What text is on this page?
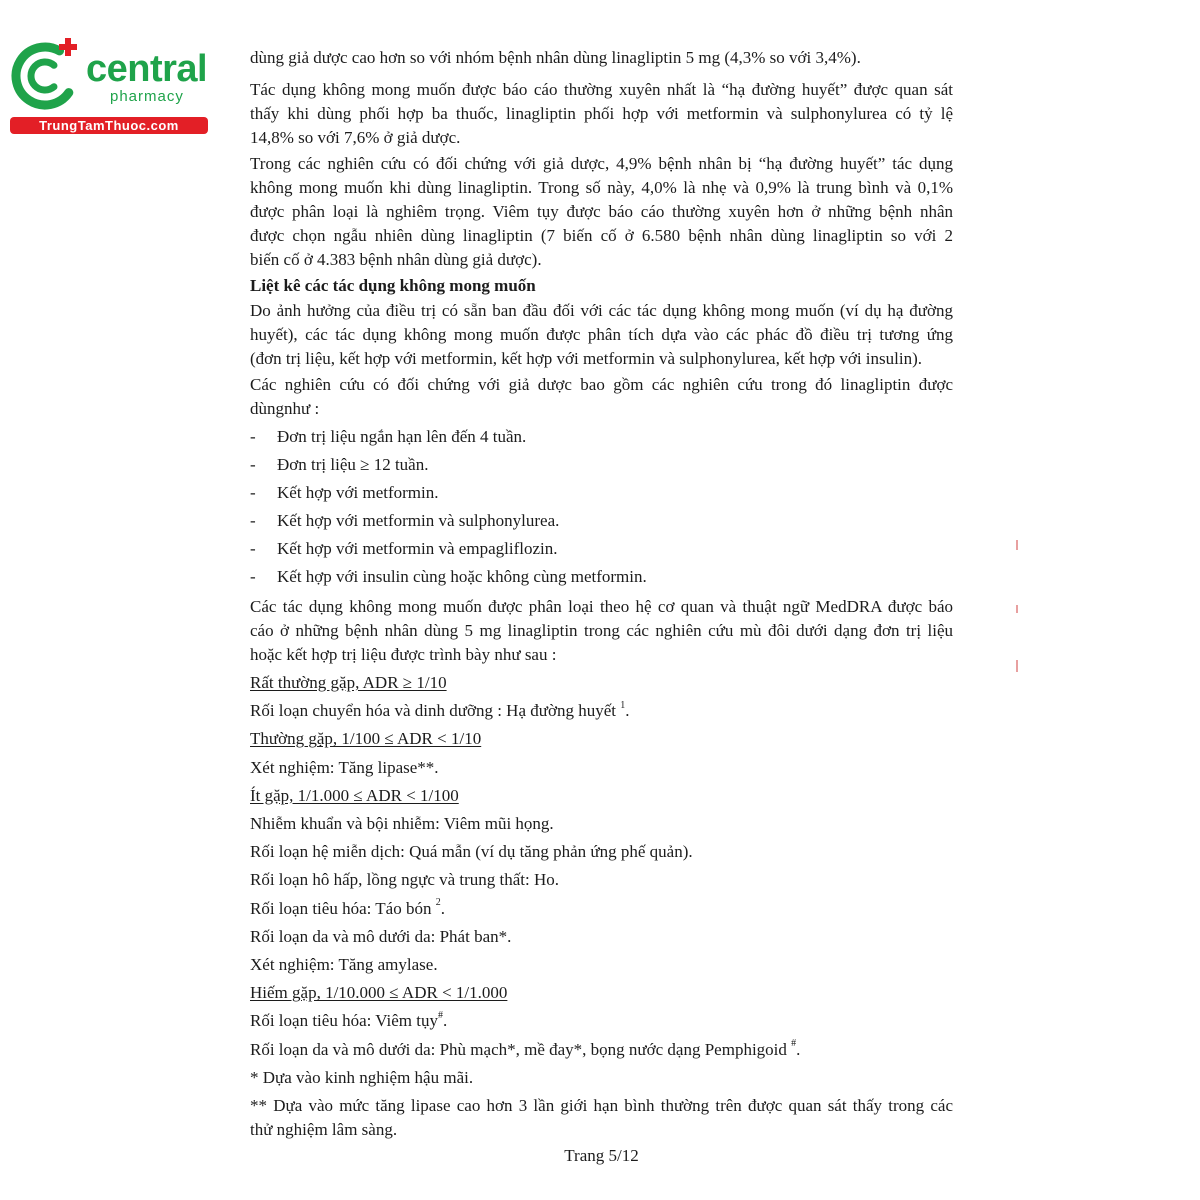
central
pharmacy
TrungTamThuoc.com
dùng giả dược cao hơn so với nhóm bệnh nhân dùng linagliptin 5 mg (4,3% so với 3,4%).
Tác dụng không mong muốn được báo cáo thường xuyên nhất là “hạ đường huyết” được quan sát
thấy khi dùng phối hợp ba thuốc, linagliptin phối hợp với metformin và sulphonylurea có tỷ lệ
14,8% so với 7,6% ở giả dược.
Trong các nghiên cứu có đối chứng với giả dược, 4,9% bệnh nhân bị “hạ đường huyết” tác dụng
không mong muốn khi dùng linagliptin. Trong số này, 4,0% là nhẹ và 0,9% là trung bình và 0,1%
được phân loại là nghiêm trọng. Viêm tụy được báo cáo thường xuyên hơn ở những bệnh nhân
được chọn ngẫu nhiên dùng linagliptin (7 biến cố ở 6.580 bệnh nhân dùng linagliptin so với 2
biến cố ở 4.383 bệnh nhân dùng giả dược).
Liệt kê các tác dụng không mong muốn
Do ảnh hưởng của điều trị có sẵn ban đầu đối với các tác dụng không mong muốn (ví dụ hạ đường
huyết), các tác dụng không mong muốn được phân tích dựa vào các phác đồ điều trị tương ứng
(đơn trị liệu, kết hợp với metformin, kết hợp với metformin và sulphonylurea, kết hợp với insulin).
Các nghiên cứu có đối chứng với giả dược bao gồm các nghiên cứu trong đó linagliptin được
dùngnhư :
- Đơn trị liệu ngắn hạn lên đến 4 tuần.
- Đơn trị liệu ≥ 12 tuần.
- Kết hợp với metformin.
- Kết hợp với metformin và sulphonylurea.
- Kết hợp với metformin và empagliflozin.
- Kết hợp với insulin cùng hoặc không cùng metformin.
Các tác dụng không mong muốn được phân loại theo hệ cơ quan và thuật ngữ MedDRA được báo
cáo ở những bệnh nhân dùng 5 mg linagliptin trong các nghiên cứu mù đôi dưới dạng đơn trị liệu
hoặc kết hợp trị liệu được trình bày như sau :
Rất thường gặp, ADR ≥ 1/10
Rối loạn chuyển hóa và dinh dưỡng : Hạ đường huyết $^1$.
Thường gặp, 1/100 ≤ ADR < 1/10
Xét nghiệm: Tăng lipase**.
Ít gặp, 1/1.000 ≤ ADR < 1/100
Nhiễm khuẩn và bội nhiễm: Viêm mũi họng.
Rối loạn hệ miễn dịch: Quá mẫn (ví dụ tăng phản ứng phế quản).
Rối loạn hô hấp, lồng ngực và trung thất: Ho.
Rối loạn tiêu hóa: Táo bón $^2$.
Rối loạn da và mô dưới da: Phát ban*.
Xét nghiệm: Tăng amylase.
Hiếm gặp, 1/10.000 ≤ ADR < 1/1.000
Rối loạn tiêu hóa: Viêm tụy#.
Rối loạn da và mô dưới da: Phù mạch*, mề đay*, bọng nước dạng Pemphigoid #.
* Dựa vào kinh nghiệm hậu mãi.
** Dựa vào mức tăng lipase cao hơn 3 lần giới hạn bình thường trên được quan sát thấy trong các
thử nghiệm lâm sàng.
Trang 5/12
